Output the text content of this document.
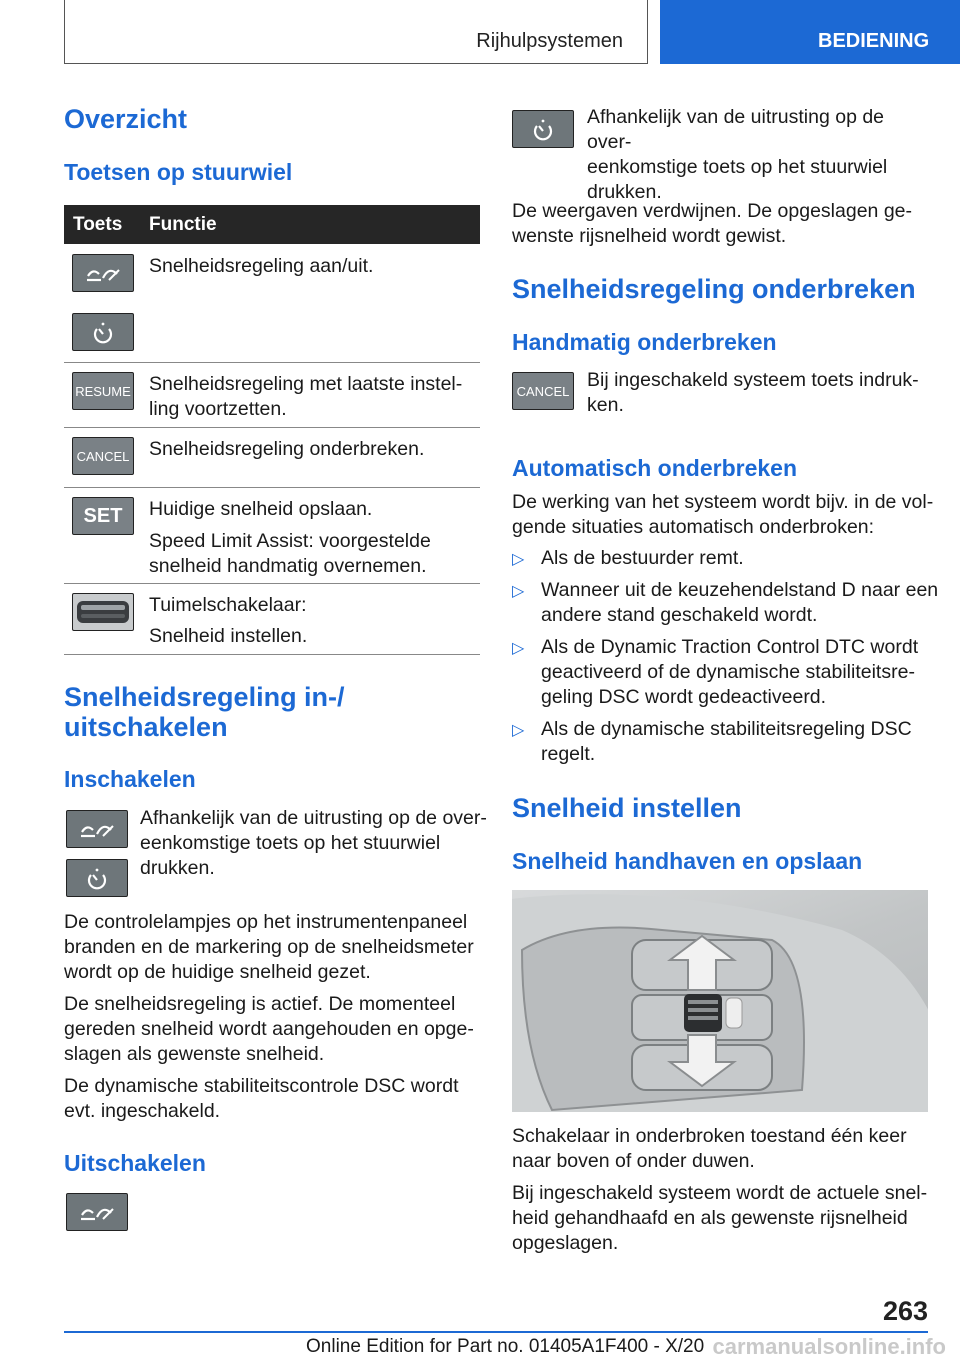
Rijhulpsystemen	BEDIENING
Overzicht
Toetsen op stuurwiel
Toets Functie
Snelheidsregeling aan/uit.
RESUME Snelheidsregeling met laatste instel-
ling voortzetten.
CANCEL Snelheidsregeling onderbreken.
SET Huidige snelheid opslaan.
Speed Limit Assist: voorgestelde
snelheid handmatig overnemen.
Tuimelschakelaar:
Snelheid instellen.
Snelheidsregeling in-/
uitschakelen
Inschakelen
Afhankelijk van de uitrusting op de over-
eenkomstige toets op het stuurwiel
drukken.
De controlelampjes op het instrumentenpaneel
branden en de markering op de snelheidsmeter
wordt op de huidige snelheid gezet.
De snelheidsregeling is actief. De momenteel
gereden snelheid wordt aangehouden en opge-
slagen als gewenste snelheid.
De dynamische stabiliteitscontrole DSC wordt
evt. ingeschakeld.
Uitschakelen
Afhankelijk van de uitrusting op de over-
eenkomstige toets op het stuurwiel
drukken.
De weergaven verdwijnen. De opgeslagen ge-
wenste rijsnelheid wordt gewist.
Snelheidsregeling onderbreken
Handmatig onderbreken
CANCEL Bij ingeschakeld systeem toets indruk-
ken.
Automatisch onderbreken
De werking van het systeem wordt bijv. in de vol-
gende situaties automatisch onderbroken:
▷ Als de bestuurder remt.
▷ Wanneer uit de keuzehendelstand D naar een
andere stand geschakeld wordt.
▷ Als de Dynamic Traction Control DTC wordt
geactiveerd of de dynamische stabiliteitsre-
geling DSC wordt gedeactiveerd.
▷ Als de dynamische stabiliteitsregeling DSC
regelt.
Snelheid instellen
Snelheid handhaven en opslaan
Schakelaar in onderbroken toestand één keer
naar boven of onder duwen.
Bij ingeschakeld systeem wordt de actuele snel-
heid gehandhaafd en als gewenste rijsnelheid
opgeslagen.
263
Online Edition for Part no. 01405A1F400 - X/20 carmanualsonline.info
